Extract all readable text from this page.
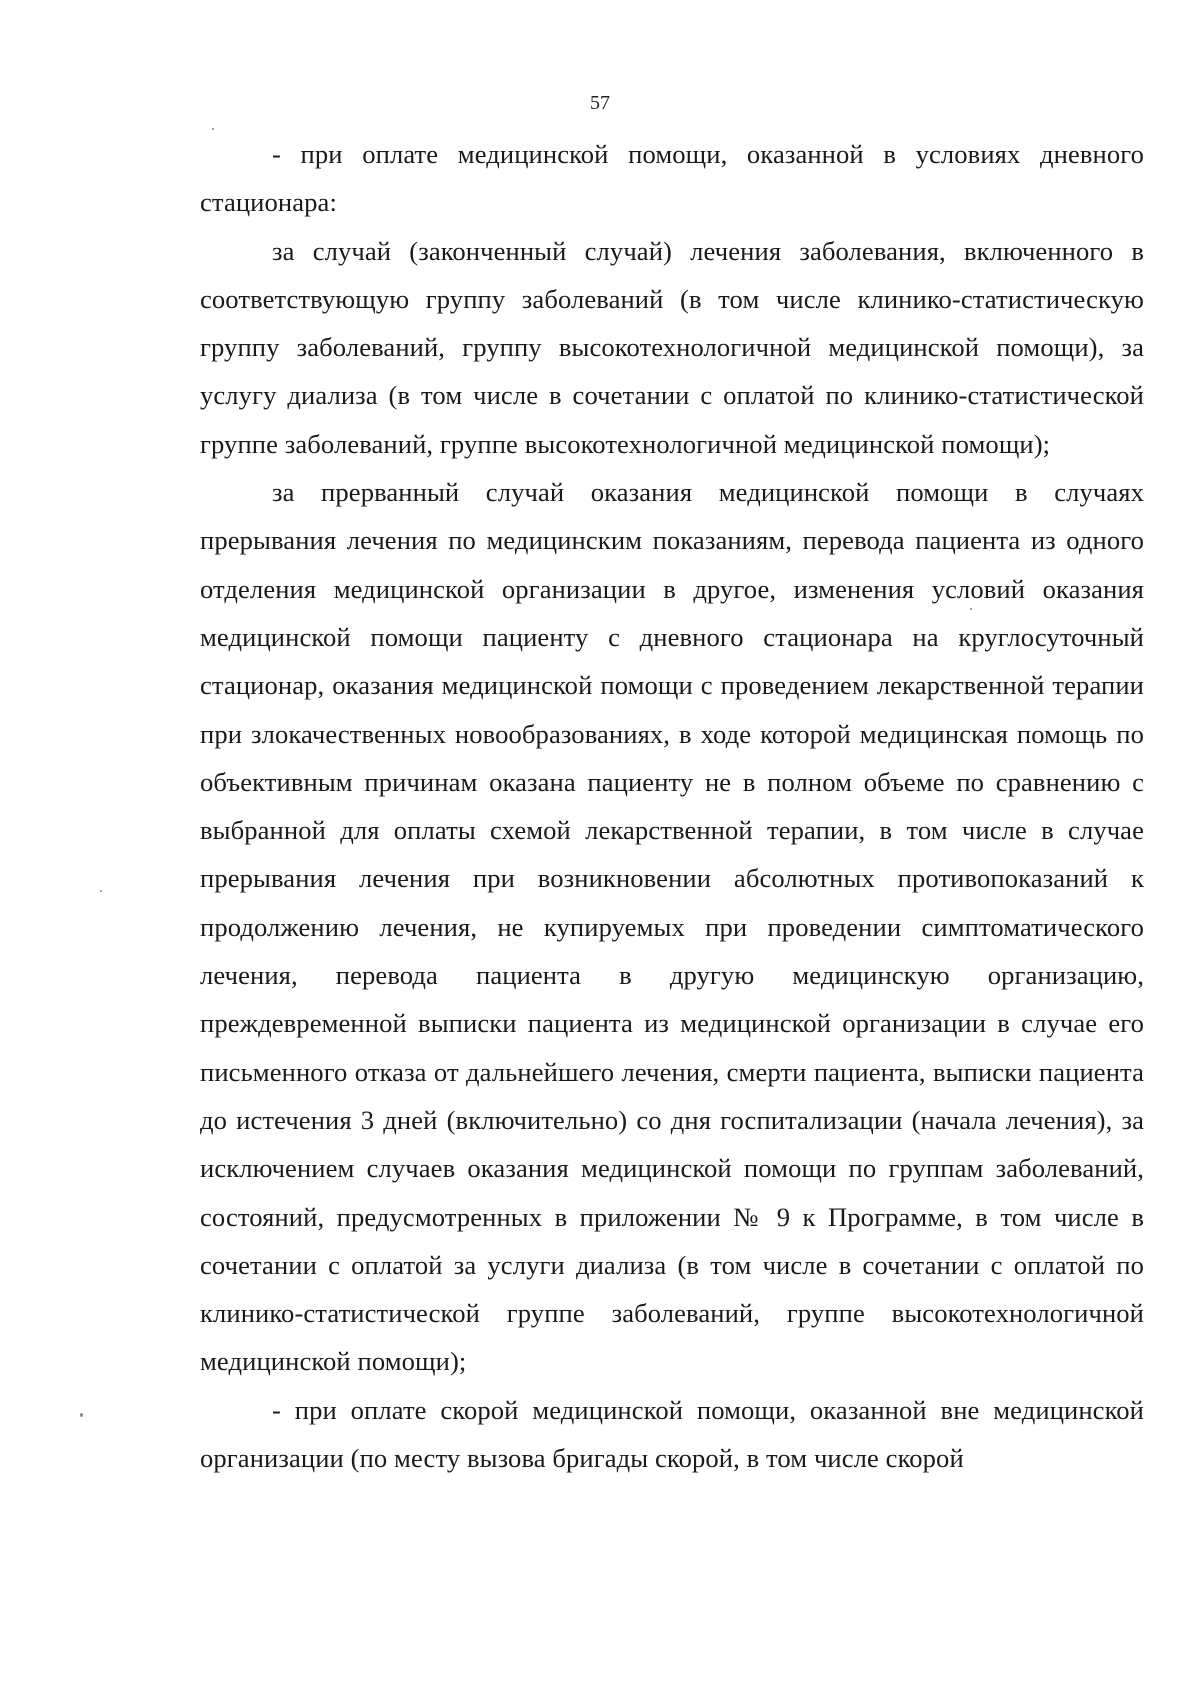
57

- при оплате медицинской помощи, оказанной в условиях дневного стационара:

за случай (законченный случай) лечения заболевания, включенного в соответствующую группу заболеваний (в том числе клинико-статистическую группу заболеваний, группу высокотехнологичной медицинской помощи), за услугу диализа (в том числе в сочетании с оплатой по клинико-статистической группе заболеваний, группе высокотехнологичной медицинской помощи);

за прерванный случай оказания медицинской помощи в случаях прерывания лечения по медицинским показаниям, перевода пациента из одного отделения медицинской организации в другое, изменения условий оказания медицинской помощи пациенту с дневного стационара на круглосуточный стационар, оказания медицинской помощи с проведением лекарственной терапии при злокачественных новообразованиях, в ходе которой медицинская помощь по объективным причинам оказана пациенту не в полном объеме по сравнению с выбранной для оплаты схемой лекарственной терапии, в том числе в случае прерывания лечения при возникновении абсолютных противопоказаний к продолжению лечения, не купируемых при проведении симптоматического лечения, перевода пациента в другую медицинскую организацию, преждевременной выписки пациента из медицинской организации в случае его письменного отказа от дальнейшего лечения, смерти пациента, выписки пациента до истечения 3 дней (включительно) со дня госпитализации (начала лечения), за исключением случаев оказания медицинской помощи по группам заболеваний, состояний, предусмотренных в приложении № 9 к Программе, в том числе в сочетании с оплатой за услуги диализа (в том числе в сочетании с оплатой по клинико-статистической группе заболеваний, группе высокотехнологичной медицинской помощи);

- при оплате скорой медицинской помощи, оказанной вне медицинской организации (по месту вызова бригады скорой, в том числе скорой
